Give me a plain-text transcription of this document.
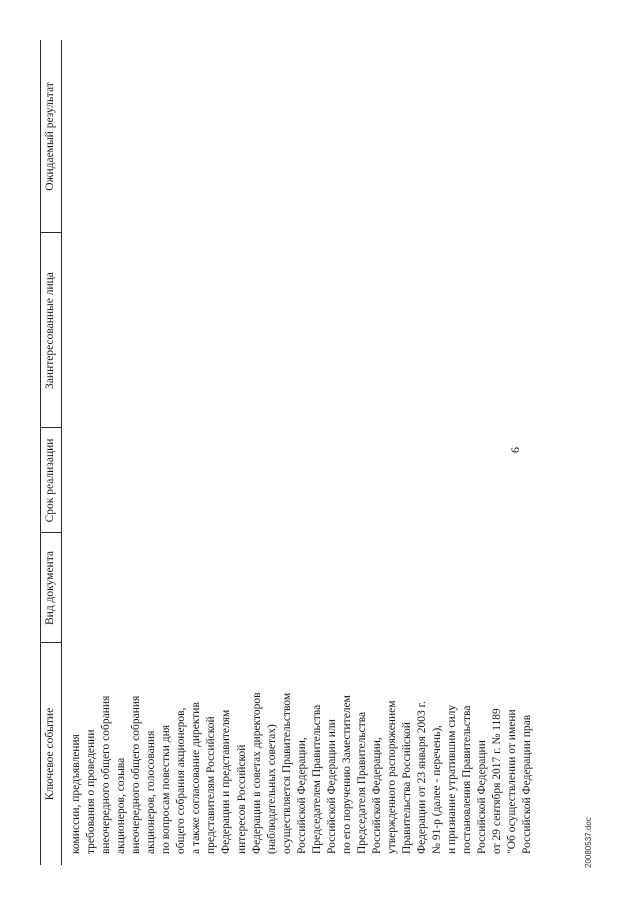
Ключевое событие
Вид документа
Срок реализации
Заинтересованные лица
Ожидаемый результат
комиссии, предъявления требования о проведении внеочередного общего собрания акционеров, созыва внеочередного общего собрания акционеров, голосования по вопросам повестки дня общего собрания акционеров, а также согласование директив представителям Российской Федерации и представителям интересов Российской Федерации в советах директоров (наблюдательных советах) осуществляется Правительством Российской Федерации, Председателем Правительства Российской Федерации или по его поручению Заместителем Председателя Правительства Российской Федерации, утвержденного распоряжением Правительства Российской Федерации от 23 января 2003 г. № 91-р (далее - перечень), и признание утратившим силу постановления Правительства Российской Федерации от 29 сентября 2017 г. № 1189 "Об осуществлении от имени Российской Федерации прав
6
20080537.doc
